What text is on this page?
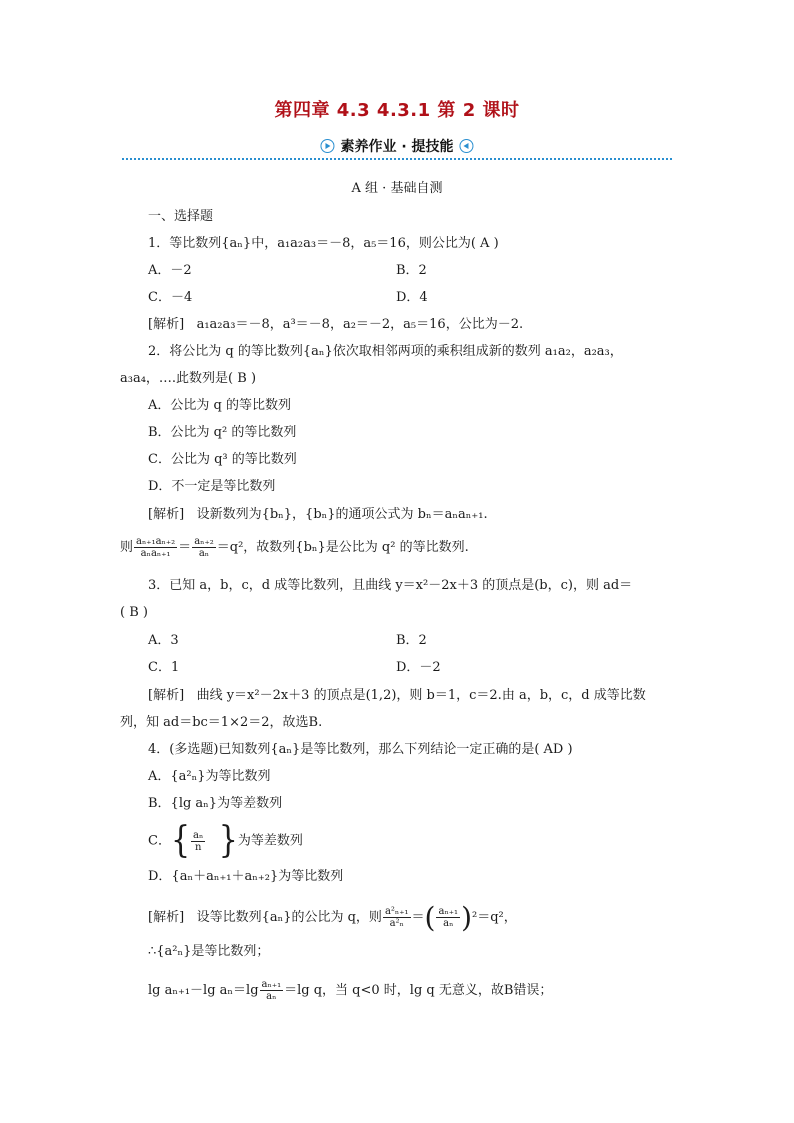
第四章 4.3 4.3.1 第 2 课时
素养作业 · 提技能
A 组 · 基础自测
一、选择题
1．等比数列{aₙ}中，a₁a₂a₃＝－8，a₅＝16，则公比为( A )
A．－2	B．2
C．－4	D．4
[解析] a₁a₂a₃＝－8，a³＝－8，a₂＝－2，a₅＝16，公比为－2.
2．将公比为 q 的等比数列{aₙ}依次取相邻两项的乘积组成新的数列 a₁a₂，a₂a₃，
a₃a₄，….此数列是( B )
A．公比为 q 的等比数列
B．公比为 q² 的等比数列
C．公比为 q³ 的等比数列
D．不一定是等比数列
[解析] 设新数列为{bₙ}，{bₙ}的通项公式为 bₙ＝aₙaₙ₊₁.
则 $\frac{\text{aₙ₊₁aₙ₊₂}}{\text{aₙaₙ₊₁}} = \frac{\text{aₙ₊₂}}{\text{aₙ}} =q^2$，故数列{bₙ}是公比为 q² 的等比数列.
3．已知 a，b，c，d 成等比数列，且曲线 y＝x²－2x＋3 的顶点是(b，c)，则 ad＝
( B )
A．3	B．2
C．1	D．－2
[解析] 曲线 y＝x²－2x＋3 的顶点是(1,2)，则 b＝1，c＝2.由 a，b，c，d 成等比数
列，知 ad＝bc＝1×2＝2，故选B.
4．(多选题)已知数列{aₙ}是等比数列，那么下列结论一定正确的是( AD )
A．{a²ₙ}为等比数列
B．{lg aₙ}为等差数列
C．{ $\frac{\text{aₙ}}{n}$ }为等差数列
D．{aₙ＋aₙ₊₁＋aₙ₊₂}为等比数列
[解析] 设等比数列{aₙ}的公比为 q，则 $\frac{\text{a²ₙ₊₁}}{\text{a²ₙ}}$ ＝( $\frac{\text{aₙ₊₁}}{\text{aₙ}} )^2=q^2$，
∴{a²ₙ}是等比数列；
lg aₙ₊₁－lg $a_n=\lg \frac{\text{aₙ₊₁}}{\text{aₙ}} =\lg$ q，当 q<0 时，lg q 无意义，故B错误；
